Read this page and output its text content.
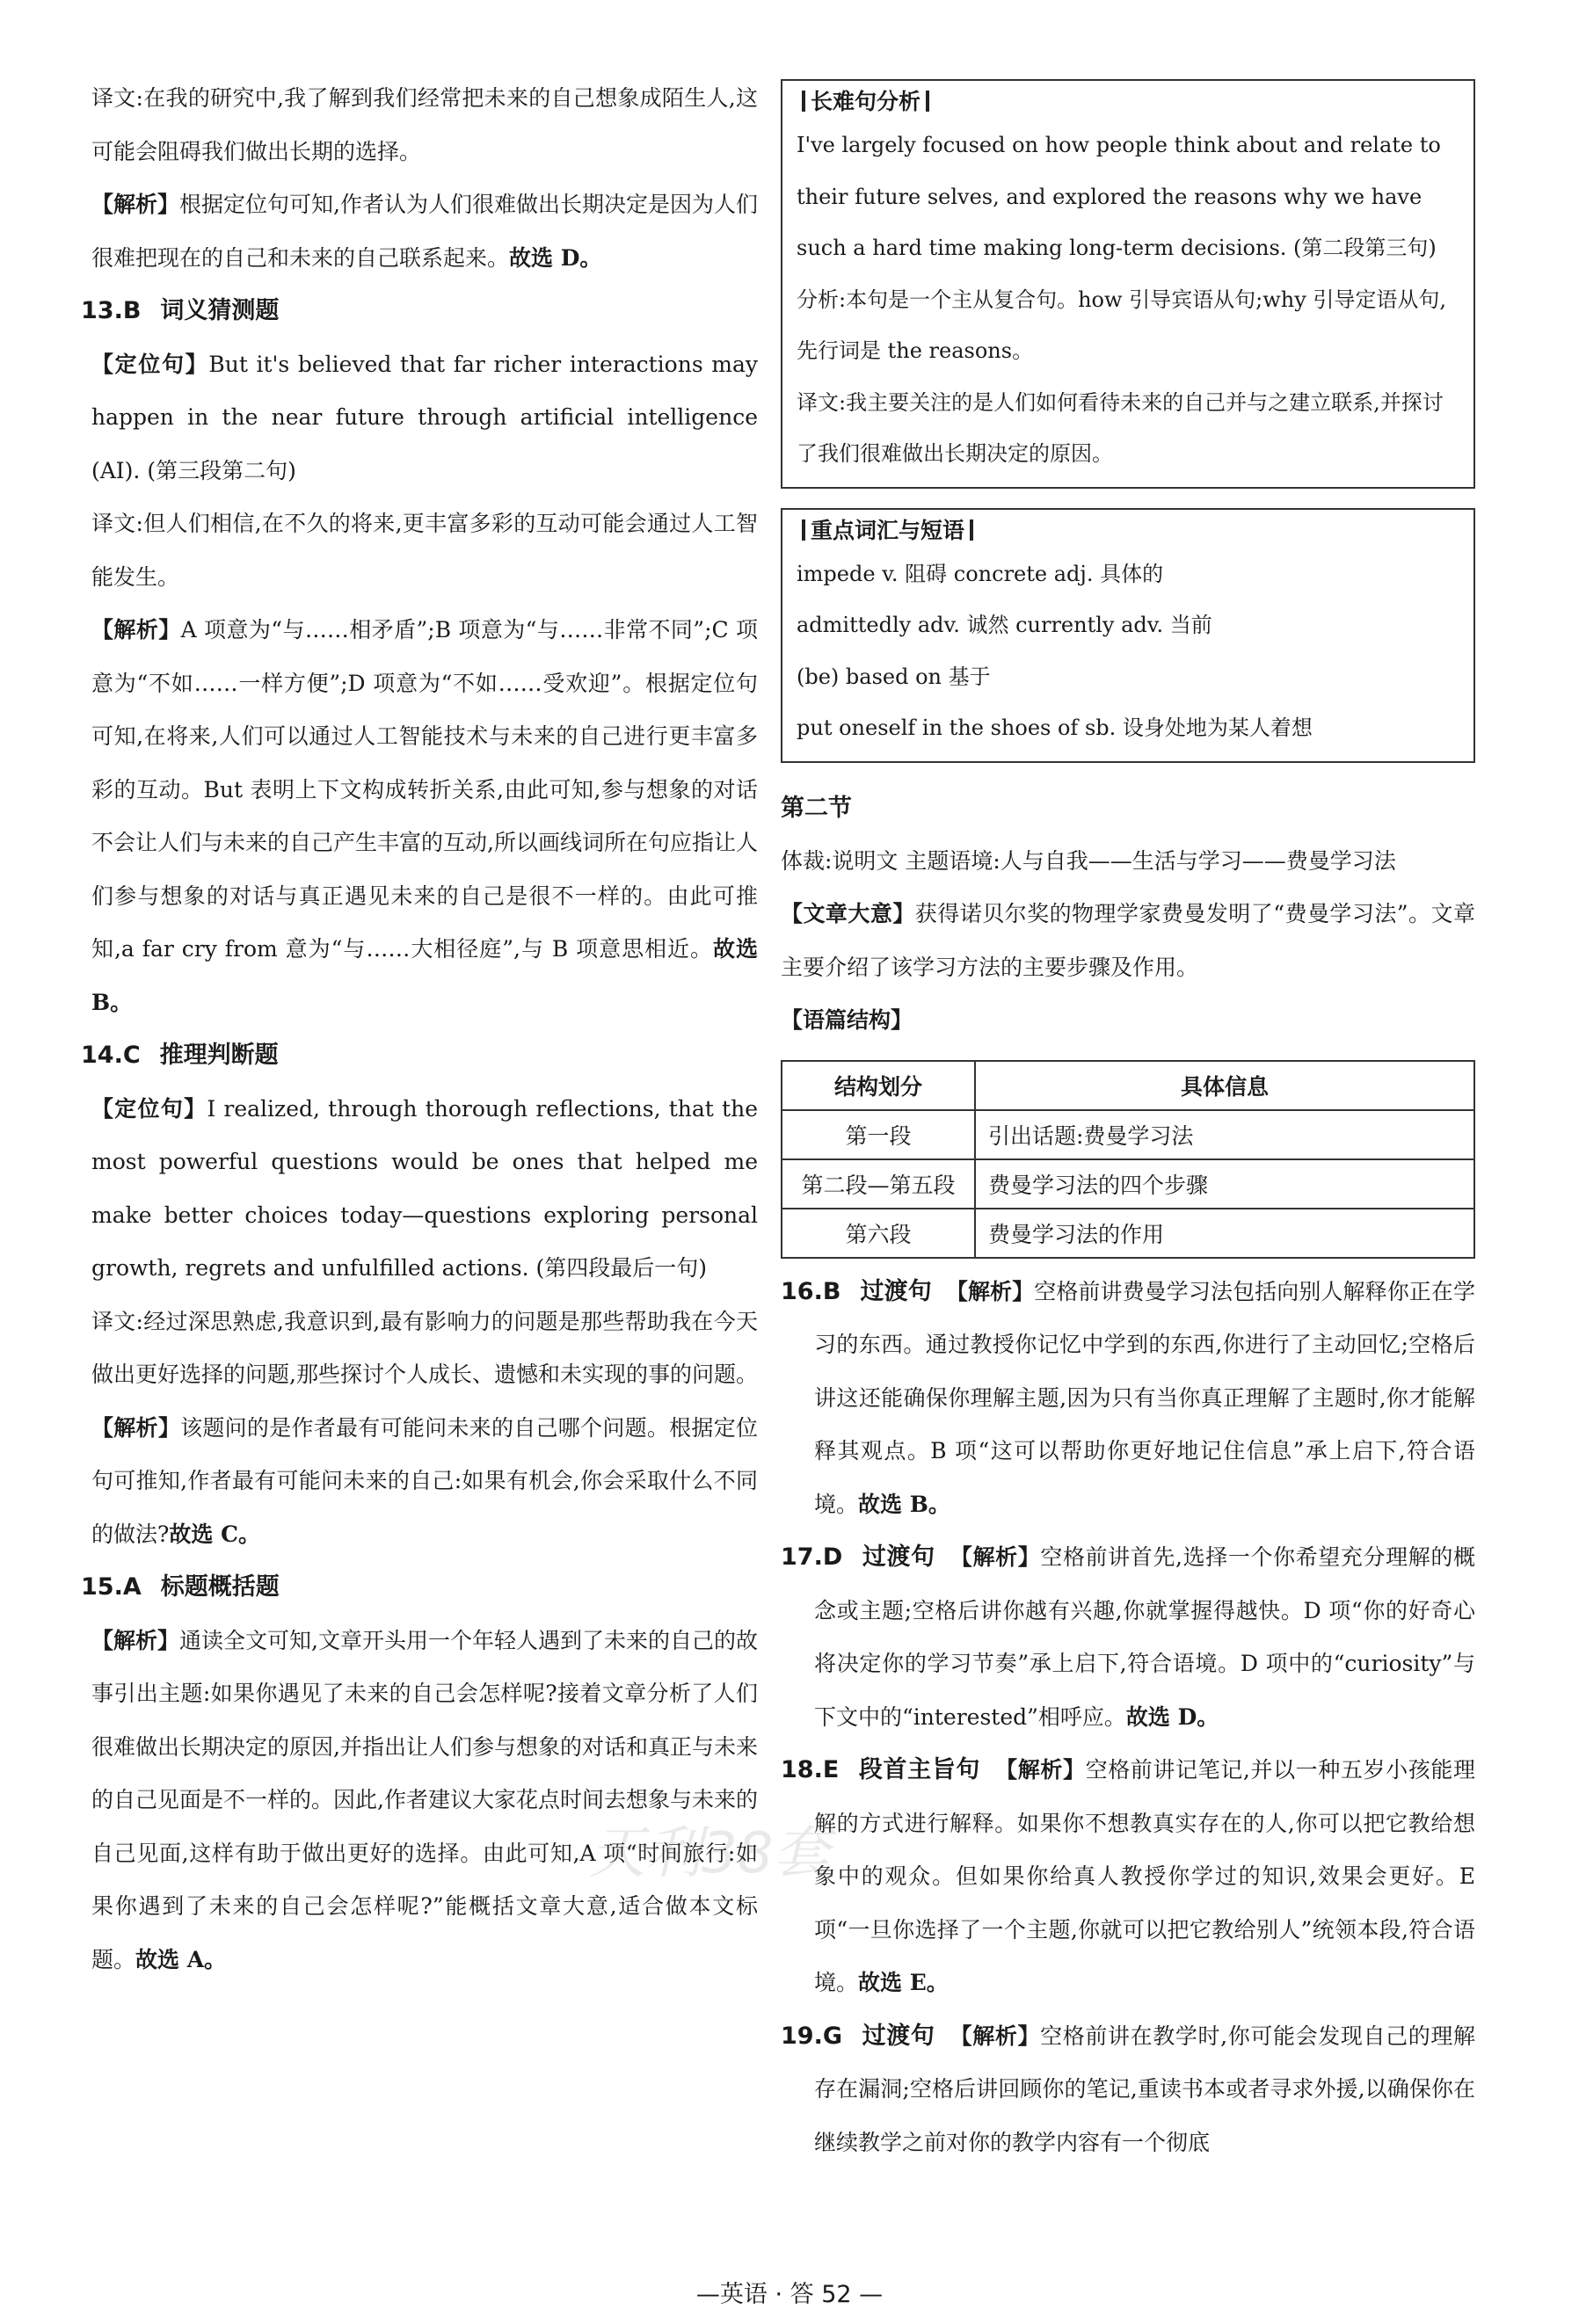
译文:在我的研究中,我了解到我们经常把未来的自己想象成陌生人,这可能会阻碍我们做出长期的选择。

【解析】根据定位句可知,作者认为人们很难做出长期决定是因为人们很难把现在的自己和未来的自己联系起来。故选 D。

13.B 词义猜测题

【定位句】But it's believed that far richer interactions may happen in the near future through artificial intelligence (AI). (第三段第二句)

译文:但人们相信,在不久的将来,更丰富多彩的互动可能会通过人工智能发生。

【解析】A 项意为“与……相矛盾”;B 项意为“与……非常不同”;C 项意为“不如……一样方便”;D 项意为“不如……受欢迎”。根据定位句可知,在将来,人们可以通过人工智能技术与未来的自己进行更丰富多彩的互动。But 表明上下文构成转折关系,由此可知,参与想象的对话不会让人们与未来的自己产生丰富的互动,所以画线词所在句应指让人们参与想象的对话与真正遇见未来的自己是很不一样的。由此可推知,a far cry from 意为“与……大相径庭”,与 B 项意思相近。故选 B。

14.C 推理判断题

【定位句】I realized, through thorough reflections, that the most powerful questions would be ones that helped me make better choices today—questions exploring personal growth, regrets and unfulfilled actions. (第四段最后一句)

译文:经过深思熟虑,我意识到,最有影响力的问题是那些帮助我在今天做出更好选择的问题,那些探讨个人成长、遗憾和未实现的事的问题。

【解析】该题问的是作者最有可能问未来的自己哪个问题。根据定位句可推知,作者最有可能问未来的自己:如果有机会,你会采取什么不同的做法?故选 C。

15.A 标题概括题

【解析】通读全文可知,文章开头用一个年轻人遇到了未来的自己的故事引出主题:如果你遇见了未来的自己会怎样呢?接着文章分析了人们很难做出长期决定的原因,并指出让人们参与想象的对话和真正与未来的自己见面是不一样的。因此,作者建议大家花点时间去想象与未来的自己见面,这样有助于做出更好的选择。由此可知,A 项“时间旅行:如果你遇到了未来的自己会怎样呢?”能概括文章大意,适合做本文标题。故选 A。

长难句分析

I've largely focused on how people think about and relate to their future selves, and explored the reasons why we have such a hard time making long-term decisions. (第二段第三句)

分析:本句是一个主从复合句。how 引导宾语从句;why 引导定语从句,先行词是 the reasons。

译文:我主要关注的是人们如何看待未来的自己并与之建立联系,并探讨了我们很难做出长期决定的原因。

重点词汇与短语

impede v. 阻碍 concrete adj. 具体的

admittedly adv. 诚然 currently adv. 当前

(be) based on 基于

put oneself in the shoes of sb. 设身处地为某人着想

第二节

体裁:说明文 主题语境:人与自我——生活与学习——费曼学习法

【文章大意】获得诺贝尔奖的物理学家费曼发明了“费曼学习法”。文章主要介绍了该学习方法的主要步骤及作用。

【语篇结构】
结构划分	具体信息
第一段	引出话题:费曼学习法
第二段—第五段	费曼学习法的四个步骤
第六段	费曼学习法的作用

16.B 过渡句 【解析】空格前讲费曼学习法包括向别人解释你正在学习的东西。通过教授你记忆中学到的东西,你进行了主动回忆;空格后讲这还能确保你理解主题,因为只有当你真正理解了主题时,你才能解释其观点。B 项“这可以帮助你更好地记住信息”承上启下,符合语境。故选 B。

17.D 过渡句 【解析】空格前讲首先,选择一个你希望充分理解的概念或主题;空格后讲你越有兴趣,你就掌握得越快。D 项“你的好奇心将决定你的学习节奏”承上启下,符合语境。D 项中的“curiosity”与下文中的“interested”相呼应。故选 D。

18.E 段首主旨句 【解析】空格前讲记笔记,并以一种五岁小孩能理解的方式进行解释。如果你不想教真实存在的人,你可以把它教给想象中的观众。但如果你给真人教授你学过的知识,效果会更好。E 项“一旦你选择了一个主题,你就可以把它教给别人”统领本段,符合语境。故选 E。

19.G 过渡句 【解析】空格前讲在教学时,你可能会发现自己的理解存在漏洞;空格后讲回顾你的笔记,重读书本或者寻求外援,以确保你在继续教学之前对你的教学内容有一个彻底

天利38套
—英语 · 答 52 —
